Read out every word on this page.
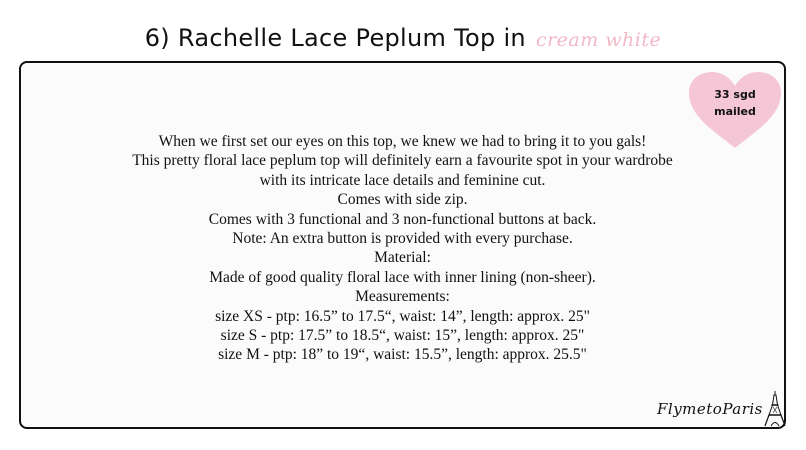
6) Rachelle Lace Peplum Top in cream white
33 sgd
mailed
When we first set our eyes on this top, we knew we had to bring it to you gals!
This pretty floral lace peplum top will definitely earn a favourite spot in your wardrobe
with its intricate lace details and feminine cut.
Comes with side zip.
Comes with 3 functional and 3 non-functional buttons at back.
Note: An extra button is provided with every purchase.
Material:
Made of good quality floral lace with inner lining (non-sheer).
Measurements:
size XS - ptp: 16.5” to 17.5“, waist: 14”, length: approx. 25"
size S - ptp: 17.5” to 18.5“, waist: 15”, length: approx. 25"
size M - ptp: 18” to 19“, waist: 15.5”, length: approx. 25.5"
FlymetoParis
